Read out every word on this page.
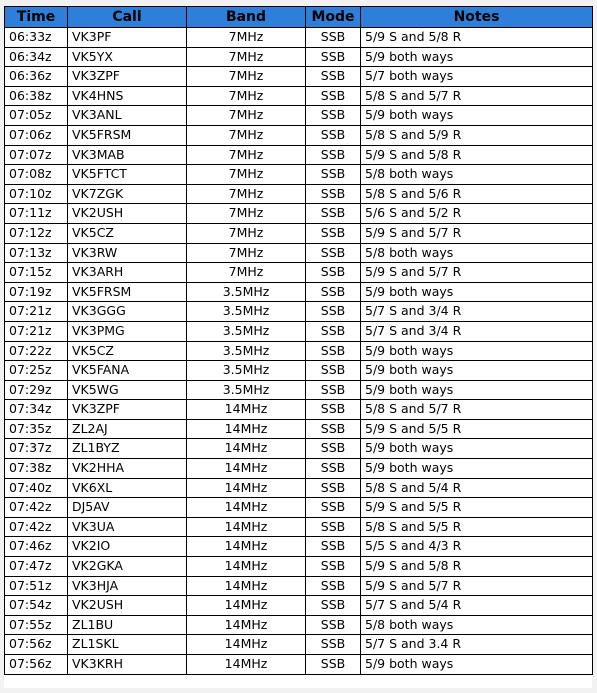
Time	Call	Band	Mode	Notes
06:33z	VK3PF	7MHz	SSB	5/9 S and 5/8 R
06:34z	VK5YX	7MHz	SSB	5/9 both ways
06:36z	VK3ZPF	7MHz	SSB	5/7 both ways
06:38z	VK4HNS	7MHz	SSB	5/8 S and 5/7 R
07:05z	VK3ANL	7MHz	SSB	5/9 both ways
07:06z	VK5FRSM	7MHz	SSB	5/8 S and 5/9 R
07:07z	VK3MAB	7MHz	SSB	5/9 S and 5/8 R
07:08z	VK5FTCT	7MHz	SSB	5/8 both ways
07:10z	VK7ZGK	7MHz	SSB	5/8 S and 5/6 R
07:11z	VK2USH	7MHz	SSB	5/6 S and 5/2 R
07:12z	VK5CZ	7MHz	SSB	5/9 S and 5/7 R
07:13z	VK3RW	7MHz	SSB	5/8 both ways
07:15z	VK3ARH	7MHz	SSB	5/9 S and 5/7 R
07:19z	VK5FRSM	3.5MHz	SSB	5/9 both ways
07:21z	VK3GGG	3.5MHz	SSB	5/7 S and 3/4 R
07:21z	VK3PMG	3.5MHz	SSB	5/7 S and 3/4 R
07:22z	VK5CZ	3.5MHz	SSB	5/9 both ways
07:25z	VK5FANA	3.5MHz	SSB	5/9 both ways
07:29z	VK5WG	3.5MHz	SSB	5/9 both ways
07:34z	VK3ZPF	14MHz	SSB	5/8 S and 5/7 R
07:35z	ZL2AJ	14MHz	SSB	5/9 S and 5/5 R
07:37z	ZL1BYZ	14MHz	SSB	5/9 both ways
07:38z	VK2HHA	14MHz	SSB	5/9 both ways
07:40z	VK6XL	14MHz	SSB	5/8 S and 5/4 R
07:42z	DJ5AV	14MHz	SSB	5/9 S and 5/5 R
07:42z	VK3UA	14MHz	SSB	5/8 S and 5/5 R
07:46z	VK2IO	14MHz	SSB	5/5 S and 4/3 R
07:47z	VK2GKA	14MHz	SSB	5/9 S and 5/8 R
07:51z	VK3HJA	14MHz	SSB	5/9 S and 5/7 R
07:54z	VK2USH	14MHz	SSB	5/7 S and 5/4 R
07:55z	ZL1BU	14MHz	SSB	5/8 both ways
07:56z	ZL1SKL	14MHz	SSB	5/7 S and 3.4 R
07:56z	VK3KRH	14MHz	SSB	5/9 both ways
